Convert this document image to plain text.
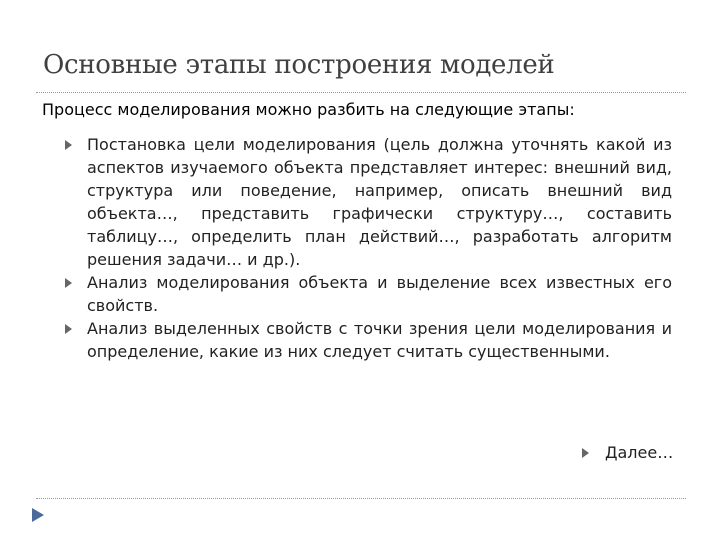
Основные этапы построения моделей
Процесс моделирования можно разбить на следующие этапы:
Постановка цели моделирования (цель должна уточнять какой из аспектов изучаемого объекта представляет интерес: внешний вид, структура или поведение, например, описать внешний вид объекта…, представить графически структуру…, составить таблицу…, определить план действий…, разработать алгоритм решения задачи… и др.).
Анализ моделирования объекта и выделение всех известных его свойств.
Анализ выделенных свойств с точки зрения цели моделирования и определение, какие из них следует считать существенными.
Далее…
